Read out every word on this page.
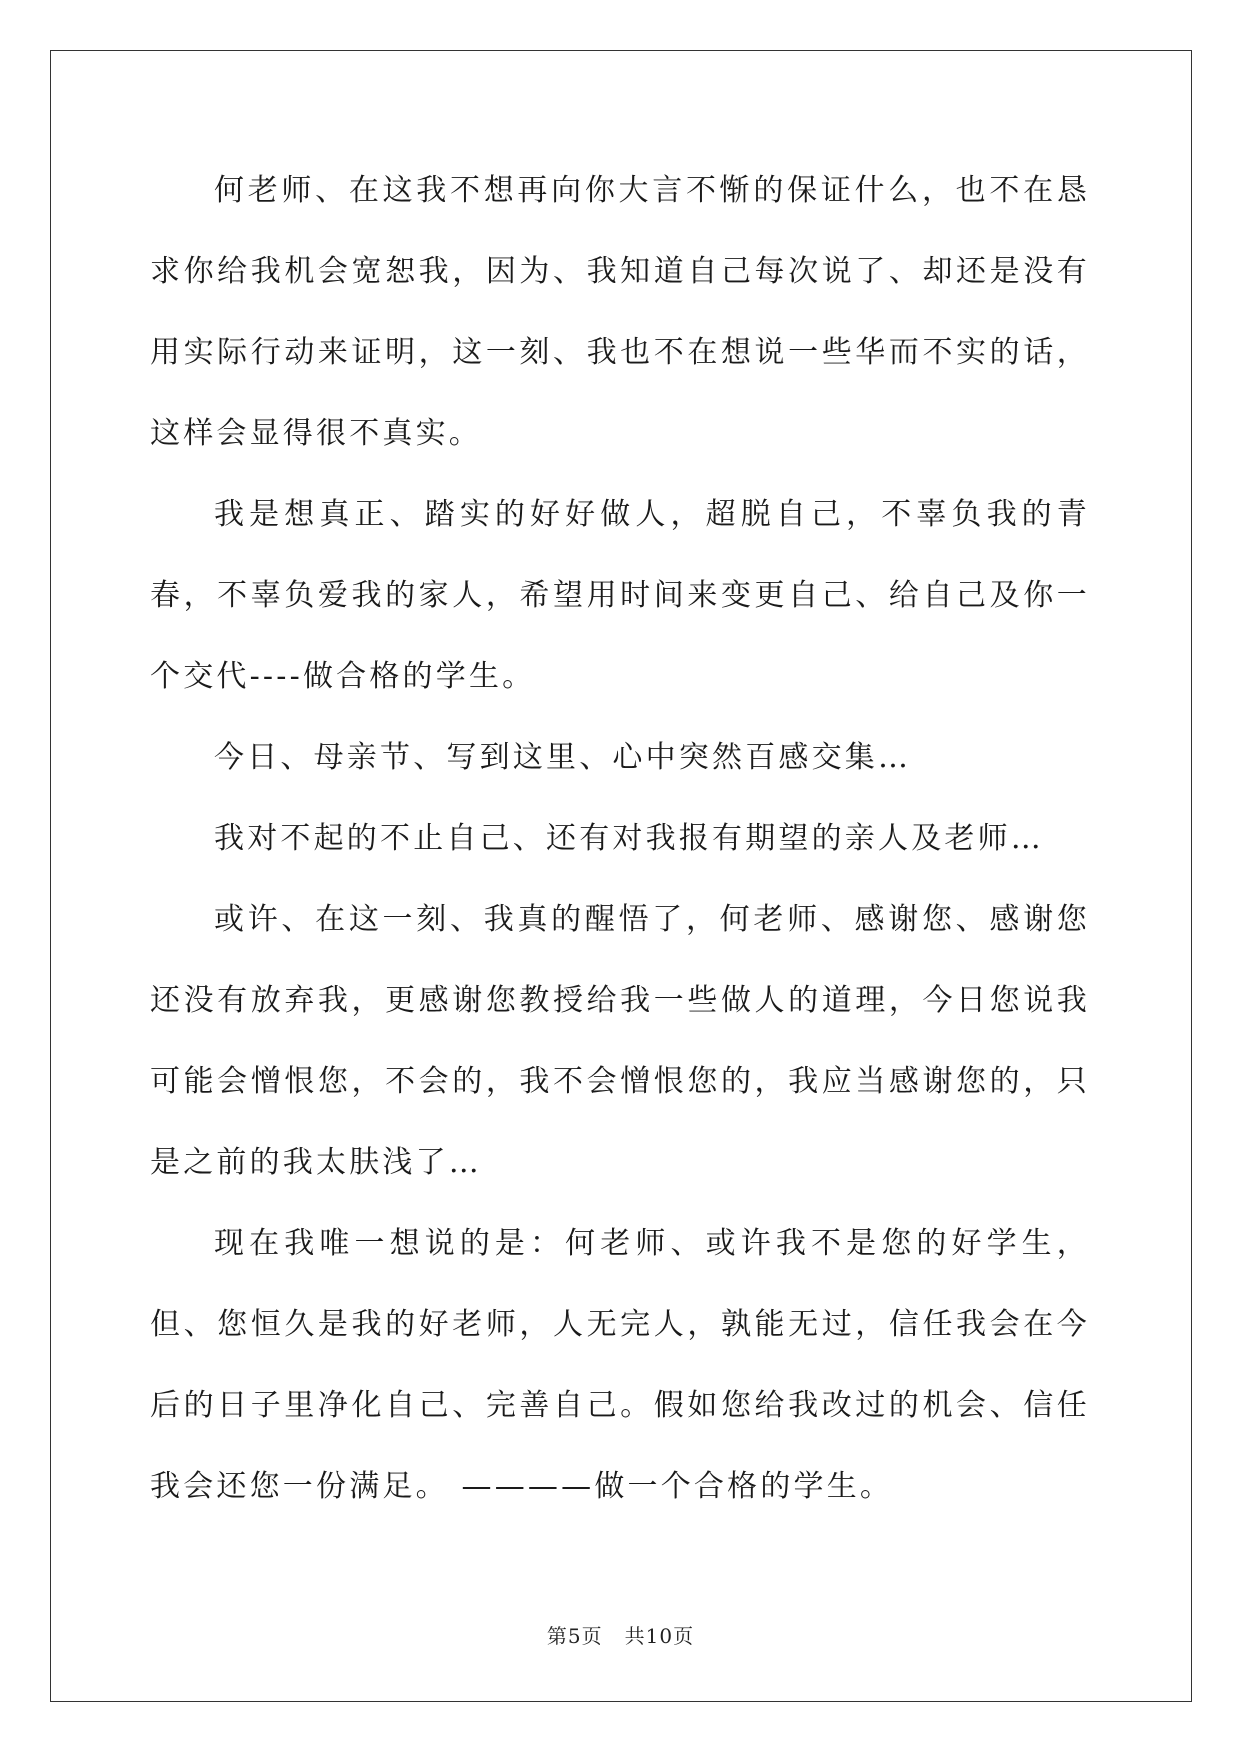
何老师、在这我不想再向你大言不惭的保证什么，也不在恳求你给我机会宽恕我，因为、我知道自己每次说了、却还是没有用实际行动来证明，这一刻、我也不在想说一些华而不实的话，这样会显得很不真实。

我是想真正、踏实的好好做人，超脱自己，不辜负我的青春，不辜负爱我的家人，希望用时间来变更自己、给自己及你一个交代----做合格的学生。

今日、母亲节、写到这里、心中突然百感交集…

我对不起的不止自己、还有对我报有期望的亲人及老师…

或许、在这一刻、我真的醒悟了，何老师、感谢您、感谢您还没有放弃我，更感谢您教授给我一些做人的道理，今日您说我可能会憎恨您，不会的，我不会憎恨您的，我应当感谢您的，只是之前的我太肤浅了…

现在我唯一想说的是：何老师、或许我不是您的好学生，但、您恒久是我的好老师，人无完人，孰能无过，信任我会在今后的日子里净化自己、完善自己。假如您给我改过的机会、信任我会还您一份满足。 ————做一个合格的学生。

第5页 共10页
